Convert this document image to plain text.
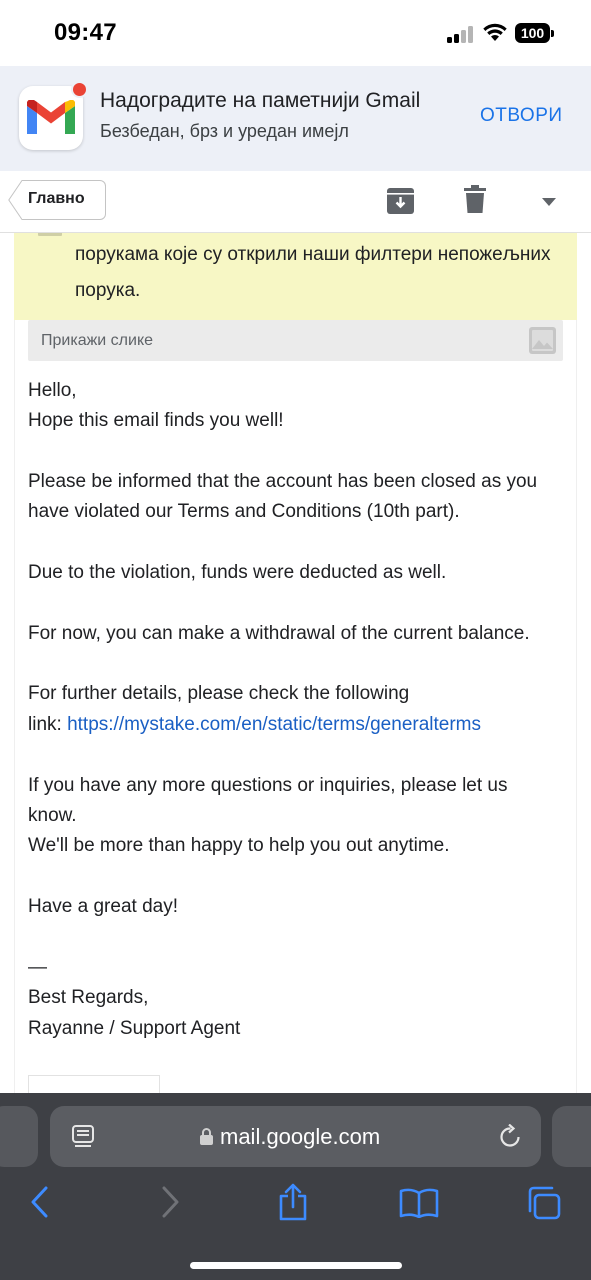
09:47	100
Надоградите на паметнији Gmail
Безбедан, брз и уредан имејл
ОТВОРИ
Главно
порукама које су открили наши филтери непожељних
порука.
Прикажи слике
Hello,
Hope this email finds you well!
Please be informed that the account has been closed as you
have violated our Terms and Conditions (10th part).
Due to the violation, funds were deducted as well.
For now, you can make a withdrawal of the current balance.
For further details, please check the following
link: https://mystake.com/en/static/terms/generalterms
If you have any more questions or inquiries, please let us
know.
We'll be more than happy to help you out anytime.
Have a great day!
—
Best Regards,
Rayanne / Support Agent
mail.google.com
